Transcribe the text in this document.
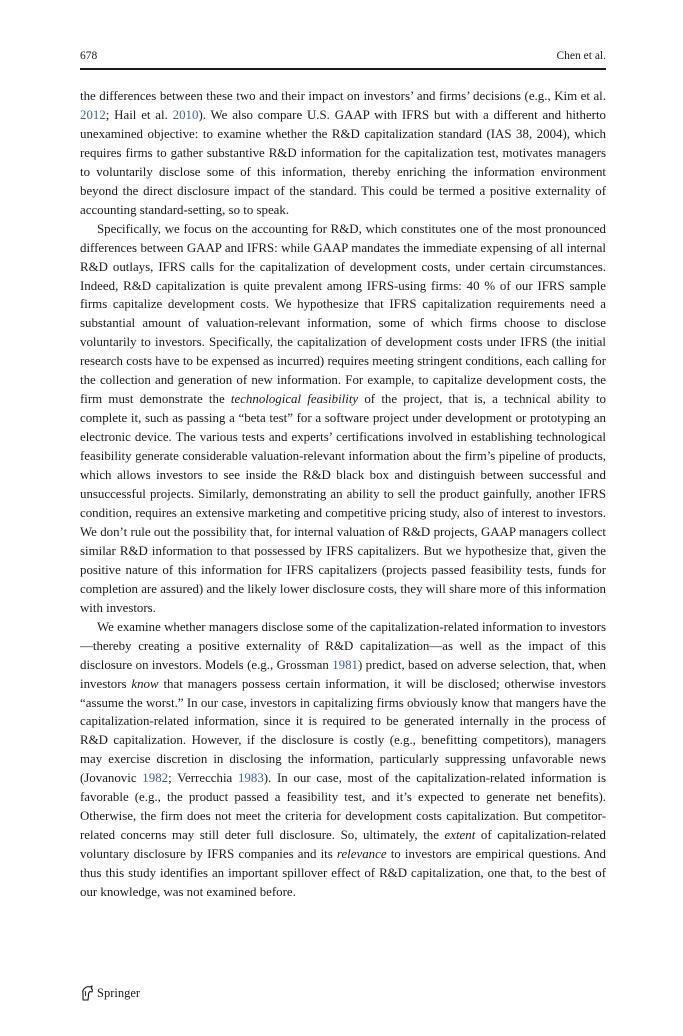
678	Chen et al.

the differences between these two and their impact on investors’ and firms’ decisions (e.g., Kim et al. 2012; Hail et al. 2010). We also compare U.S. GAAP with IFRS but with a different and hitherto unexamined objective: to examine whether the R&D capitalization standard (IAS 38, 2004), which requires firms to gather substantive R&D information for the capitalization test, motivates managers to voluntarily disclose some of this information, thereby enriching the information environment beyond the direct disclosure impact of the standard. This could be termed a positive externality of accounting standard-setting, so to speak.

Specifically, we focus on the accounting for R&D, which constitutes one of the most pronounced differences between GAAP and IFRS: while GAAP mandates the immediate expensing of all internal R&D outlays, IFRS calls for the capitalization of development costs, under certain circumstances. Indeed, R&D capitalization is quite prevalent among IFRS-using firms: 40 % of our IFRS sample firms capitalize development costs. We hypothesize that IFRS capitalization requirements need a substantial amount of valuation-relevant information, some of which firms choose to disclose voluntarily to investors. Specifically, the capitalization of development costs under IFRS (the initial research costs have to be expensed as incurred) requires meeting stringent conditions, each calling for the collection and generation of new information. For example, to capitalize development costs, the firm must demonstrate the technological feasibility of the project, that is, a technical ability to complete it, such as passing a “beta test” for a software project under development or prototyping an electronic device. The various tests and experts’ certifications involved in establishing technological feasibility generate considerable valuation-relevant information about the firm’s pipeline of products, which allows investors to see inside the R&D black box and distinguish between successful and unsuccessful projects. Similarly, demonstrating an ability to sell the product gainfully, another IFRS condition, requires an extensive marketing and competitive pricing study, also of interest to investors. We don’t rule out the possibility that, for internal valuation of R&D projects, GAAP managers collect similar R&D information to that possessed by IFRS capitalizers. But we hypothesize that, given the positive nature of this information for IFRS capitalizers (projects passed feasibility tests, funds for completion are assured) and the likely lower disclosure costs, they will share more of this information with investors.

We examine whether managers disclose some of the capitalization-related information to investors—thereby creating a positive externality of R&D capitalization—as well as the impact of this disclosure on investors. Models (e.g., Grossman 1981) predict, based on adverse selection, that, when investors know that managers possess certain information, it will be disclosed; otherwise investors “assume the worst.” In our case, investors in capitalizing firms obviously know that mangers have the capitalization-related information, since it is required to be generated internally in the process of R&D capitalization. However, if the disclosure is costly (e.g., benefitting competitors), managers may exercise discretion in disclosing the information, particularly suppressing unfavorable news (Jovanovic 1982; Verrecchia 1983). In our case, most of the capitalization-related information is favorable (e.g., the product passed a feasibility test, and it’s expected to generate net benefits). Otherwise, the firm does not meet the criteria for development costs capitalization. But competitor-related concerns may still deter full disclosure. So, ultimately, the extent of capitalization-related voluntary disclosure by IFRS companies and its relevance to investors are empirical questions. And thus this study identifies an important spillover effect of R&D capitalization, one that, to the best of our knowledge, was not examined before.

Springer
